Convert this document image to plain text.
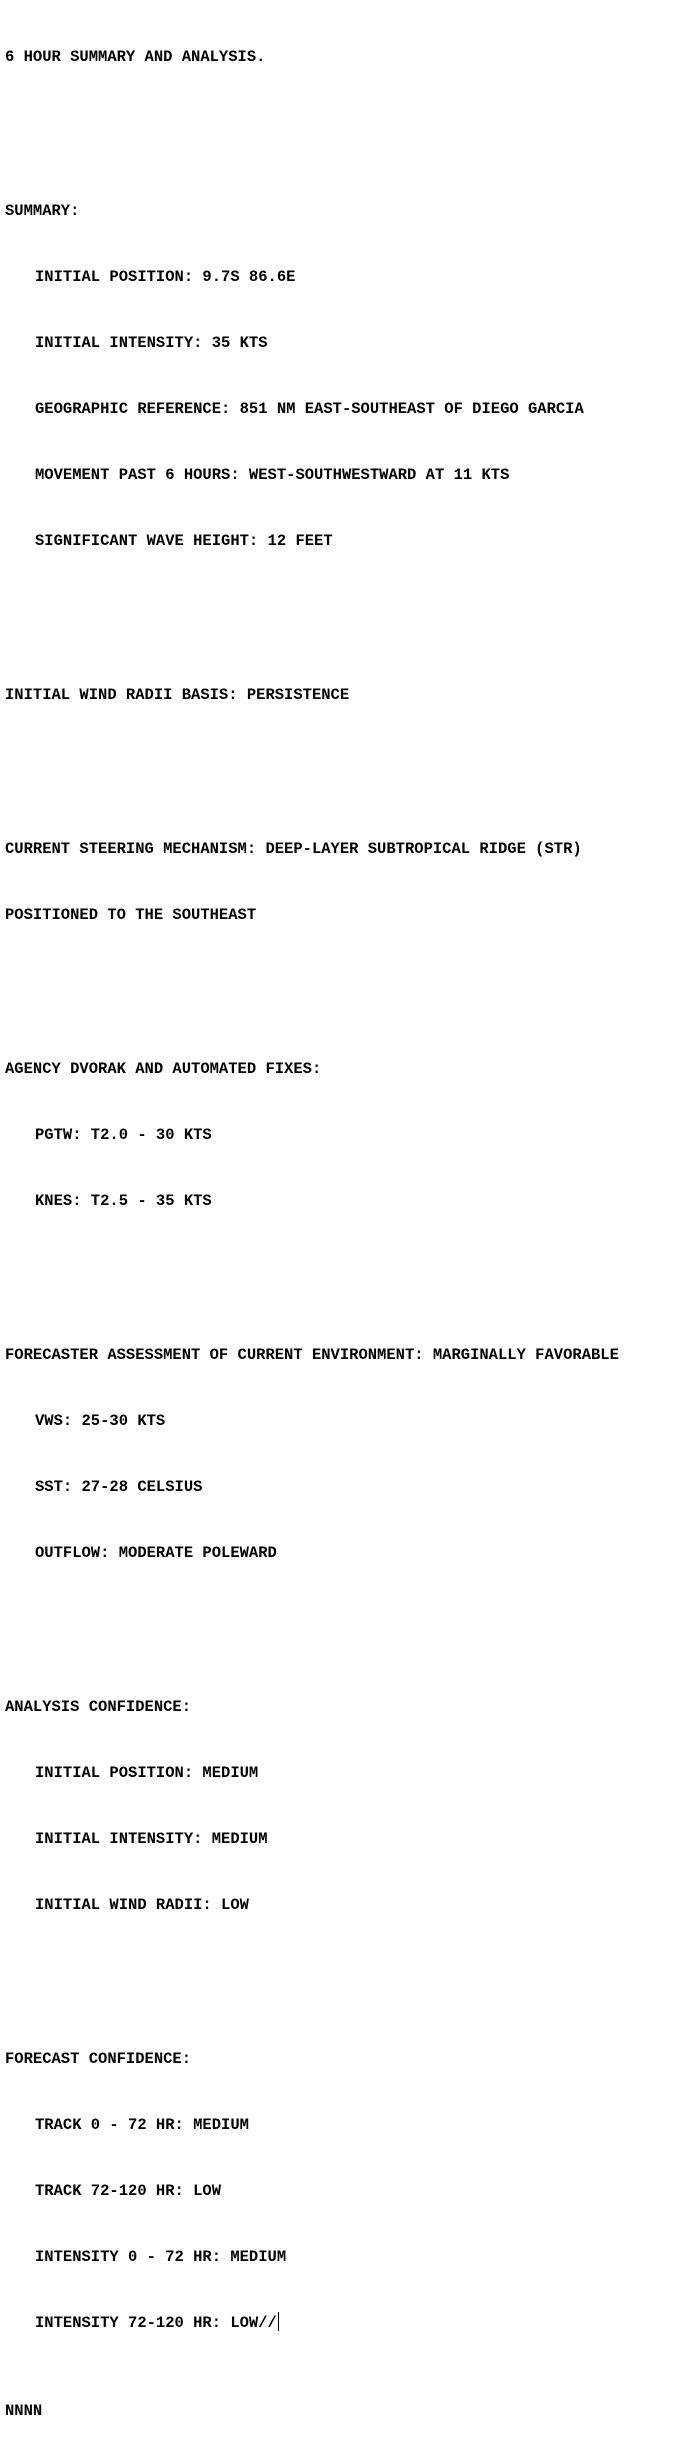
6 HOUR SUMMARY AND ANALYSIS.

SUMMARY:

INITIAL POSITION: 9.7S 86.6E

INITIAL INTENSITY: 35 KTS

GEOGRAPHIC REFERENCE: 851 NM EAST-SOUTHEAST OF DIEGO GARCIA

MOVEMENT PAST 6 HOURS: WEST-SOUTHWESTWARD AT 11 KTS

SIGNIFICANT WAVE HEIGHT: 12 FEET

INITIAL WIND RADII BASIS: PERSISTENCE

CURRENT STEERING MECHANISM: DEEP-LAYER SUBTROPICAL RIDGE (STR)

POSITIONED TO THE SOUTHEAST

AGENCY DVORAK AND AUTOMATED FIXES:

PGTW: T2.0 - 30 KTS

KNES: T2.5 - 35 KTS

FORECASTER ASSESSMENT OF CURRENT ENVIRONMENT: MARGINALLY FAVORABLE

VWS: 25-30 KTS

SST: 27-28 CELSIUS

OUTFLOW: MODERATE POLEWARD

ANALYSIS CONFIDENCE:

INITIAL POSITION: MEDIUM

INITIAL INTENSITY: MEDIUM

INITIAL WIND RADII: LOW

FORECAST CONFIDENCE:

TRACK 0 - 72 HR: MEDIUM

TRACK 72-120 HR: LOW

INTENSITY 0 - 72 HR: MEDIUM

INTENSITY 72-120 HR: LOW//

NNNN
